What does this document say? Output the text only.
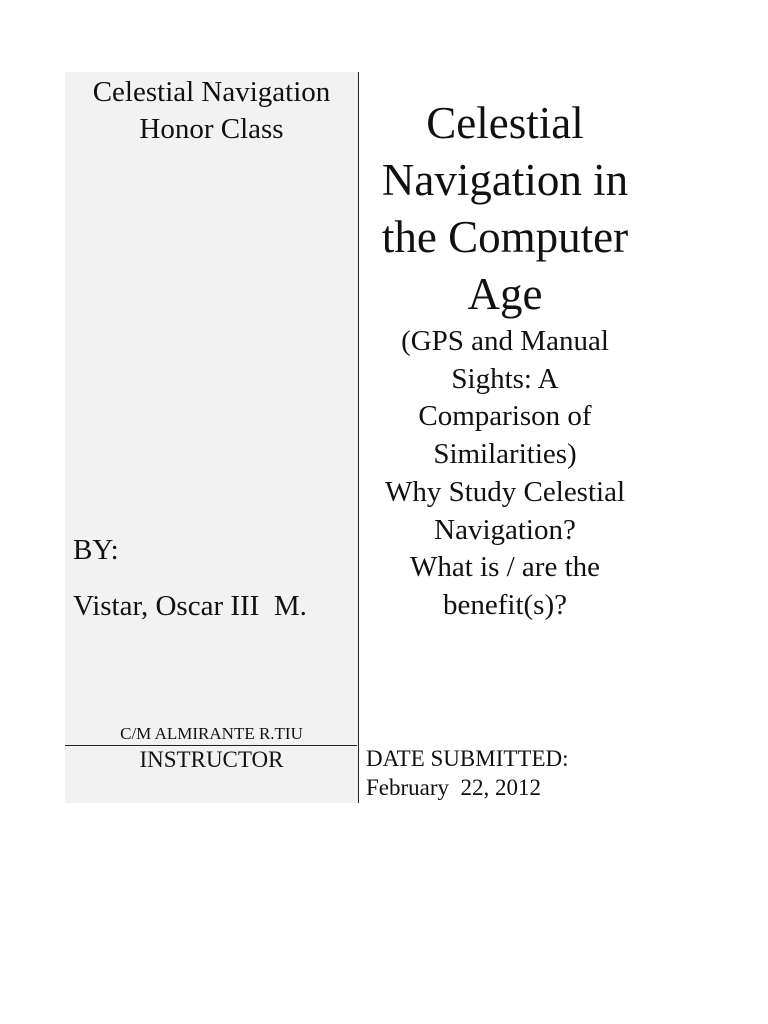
Celestial Navigation
Honor Class
BY:
Vistar, Oscar III  M.
C/M ALMIRANTE R.TIU
INSTRUCTOR
Celestial
Navigation in
the Computer
Age
(GPS and Manual
Sights: A
Comparison of
Similarities)
Why Study Celestial
Navigation?
What is / are the
benefit(s)?
DATE SUBMITTED:
February  22, 2012
